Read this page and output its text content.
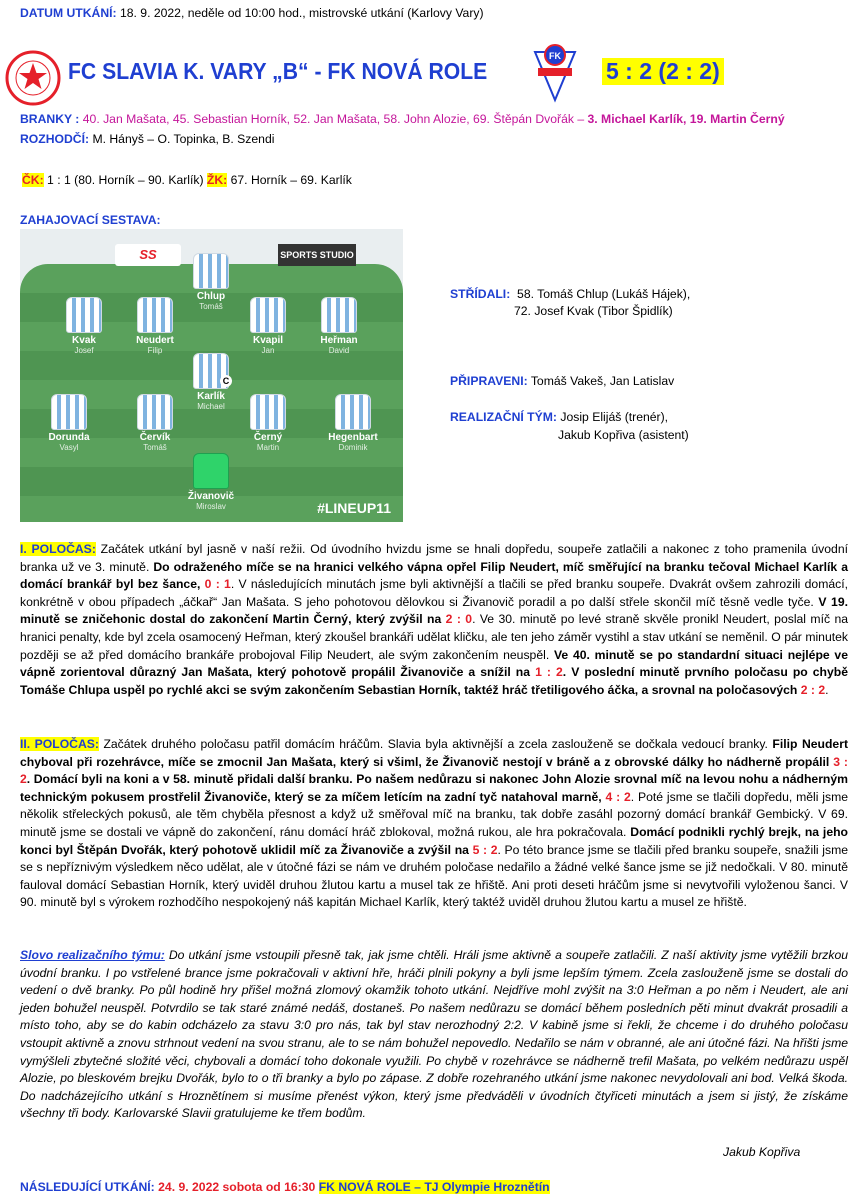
DATUM UTKÁNÍ: 18. 9. 2022, neděle od 10:00 hod., mistrovské utkání (Karlovy Vary)
FC SLAVIA K. VARY „B“ - FK NOVÁ ROLE
FK
5 : 2 (2 : 2)
BRANKY : 40. Jan Mašata, 45. Sebastian Horník, 52. Jan Mašata, 58. John Alozie, 69. Štěpán Dvořák – 3. Michael Karlík, 19. Martin Černý
ROZHODČÍ: M. Hányš – O. Topinka, B. Szendi
ČK: 1 : 1 (80. Horník – 90. Karlík) ŽK: 67. Horník – 69. Karlík
ZAHAJOVACÍ SESTAVA:
SS	SPORTS STUDIO
Chlup
Tomáš
Kvak
Josef
Neudert
Filip
Kvapil
Jan
Heřman
David
C
Karlík
Michael
Dorunda
Vasyl
Červík
Tomáš
Černý
Martin
Hegenbart
Dominik
Živanovič
Miroslav	#LINEUP11
STŘÍDALI: 58. Tomáš Chlup (Lukáš Hájek),
72. Josef Kvak (Tibor Špidlík)
PŘIPRAVENI: Tomáš Vakeš, Jan Latislav
REALIZAČNÍ TÝM: Josip Elijáš (trenér),
Jakub Kopřiva (asistent)
I. POLOČAS: Začátek utkání byl jasně v naší režii. Od úvodního hvizdu jsme se hnali dopředu, soupeře zatlačili a nakonec z toho pramenila úvodní branka už ve 3. minutě. Do odraženého míče se na hranici velkého vápna opřel Filip Neudert, míč směřující na branku tečoval Michael Karlík a domácí brankář byl bez šance, 0 : 1. V následujících minutách jsme byli aktivnější a tlačili se před branku soupeře. Dvakrát ovšem zahrozili domácí, konkrétně v obou případech „áčkař“ Jan Mašata. S jeho pohotovou dělovkou si Živanovič poradil a po další střele skončil míč těsně vedle tyče. V 19. minutě se zničehonic dostal do zakončení Martin Černý, který zvýšil na 2 : 0. Ve 30. minutě po levé straně skvěle pronikl Neudert, poslal míč na hranici penalty, kde byl zcela osamocený Heřman, který zkoušel brankáři udělat kličku, ale ten jeho záměr vystihl a stav utkání se neměnil. O pár minutek později se až před domácího brankáře probojoval Filip Neudert, ale svým zakončením neuspěl. Ve 40. minutě se po standardní situaci nejlépe ve vápně zorientoval důrazný Jan Mašata, který pohotově propálil Živanoviče a snížil na 1 : 2. V poslední minutě prvního poločasu po chybě Tomáše Chlupa uspěl po rychlé akci se svým zakončením Sebastian Horník, taktéž hráč třetiligového áčka, a srovnal na poločasových 2 : 2.
II. POLOČAS: Začátek druhého poločasu patřil domácím hráčům. Slavia byla aktivnější a zcela zaslouženě se dočkala vedoucí branky. Filip Neudert chyboval při rozehrávce, míče se zmocnil Jan Mašata, který si všiml, že Živanovič nestojí v bráně a z obrovské dálky ho nádherně propálil 3 : 2. Domácí byli na koni a v 58. minutě přidali další branku. Po našem nedůrazu si nakonec John Alozie srovnal míč na levou nohu a nádherným technickým pokusem prostřelil Živanoviče, který se za míčem letícím na zadní tyč natahoval marně, 4 : 2. Poté jsme se tlačili dopředu, měli jsme několik střeleckých pokusů, ale těm chyběla přesnost a když už směřoval míč na branku, tak dobře zasáhl pozorný domácí brankář Gembický. V 69. minutě jsme se dostali ve vápně do zakončení, ránu domácí hráč zblokoval, možná rukou, ale hra pokračovala. Domácí podnikli rychlý brejk, na jeho konci byl Štěpán Dvořák, který pohotově uklidil míč za Živanoviče a zvýšil na 5 : 2. Po této brance jsme se tlačili před branku soupeře, snažili jsme se s nepříznivým výsledkem něco udělat, ale v útočné fázi se nám ve druhém poločase nedařilo a žádné velké šance jsme se již nedočkali. V 80. minutě fauloval domácí Sebastian Horník, který uviděl druhou žlutou kartu a musel tak ze hřiště. Ani proti deseti hráčům jsme si nevytvořili vyloženou šanci. V 90. minutě byl s výrokem rozhodčího nespokojený náš kapitán Michael Karlík, který taktéž uviděl druhou žlutou kartu a musel ze hřiště.
Slovo realizačního týmu: Do utkání jsme vstoupili přesně tak, jak jsme chtěli. Hráli jsme aktivně a soupeře zatlačili. Z naší aktivity jsme vytěžili brzkou úvodní branku. I po vstřelené brance jsme pokračovali v aktivní hře, hráči plnili pokyny a byli jsme lepším týmem. Zcela zaslouženě jsme se dostali do vedení o dvě branky. Po půl hodině hry přišel možná zlomový okamžik tohoto utkání. Nejdříve mohl zvýšit na 3:0 Heřman a po něm i Neudert, ale ani jeden bohužel neuspěl. Potvrdilo se tak staré známé nedáš, dostaneš. Po našem nedůrazu se domácí během posledních pěti minut dvakrát prosadili a místo toho, aby se do kabin odcházelo za stavu 3:0 pro nás, tak byl stav nerozhodný 2:2. V kabině jsme si řekli, že chceme i do druhého poločasu vstoupit aktivně a znovu strhnout vedení na svou stranu, ale to se nám bohužel nepovedlo. Nedařilo se nám v obranné, ale ani útočné fázi. Na hřišti jsme vymýšleli zbytečné složité věci, chybovali a domácí toho dokonale využili. Po chybě v rozehrávce se nádherně trefil Mašata, po velkém nedůrazu uspěl Alozie, po bleskovém brejku Dvořák, bylo to o tři branky a bylo po zápase. Z dobře rozehraného utkání jsme nakonec nevydolovali ani bod. Velká škoda. Do nadcházejícího utkání s Hroznětínem si musíme přenést výkon, který jsme předváděli v úvodních čtyřiceti minutách a jsem si jistý, že získáme všechny tři body. Karlovarské Slavii gratulujeme ke třem bodům.
Jakub Kopřiva
NÁSLEDUJÍCÍ UTKÁNÍ: 24. 9. 2022 sobota od 16:30 FK NOVÁ ROLE – TJ Olympie Hroznětín
